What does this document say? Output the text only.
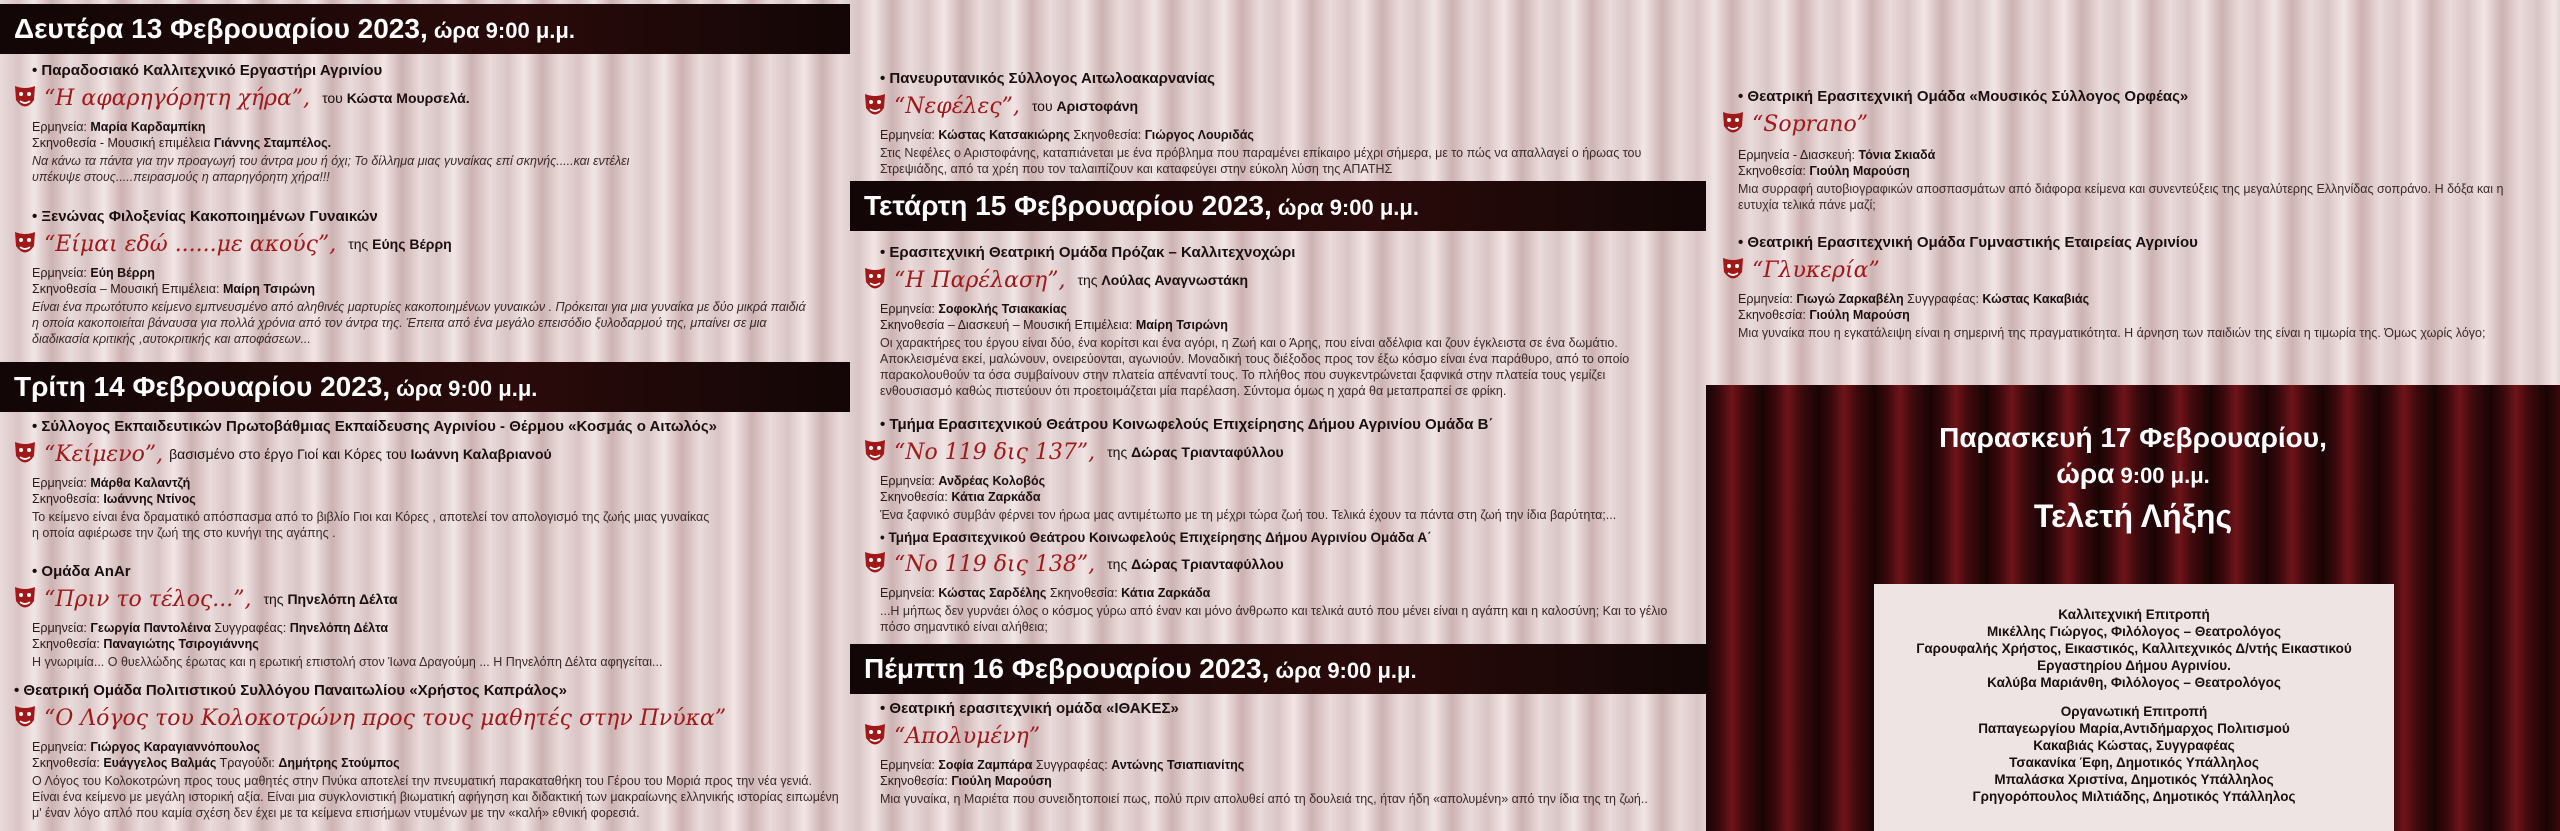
Δευτέρα 13 Φεβρουαρίου 2023, ώρα 9:00 μ.μ.
• Παραδοσιακό Καλλιτεχνικό Εργαστήρι Αγρινίου
“Η αφαρηγόρητη χήρα”, του Κώστα Μουρσελά.
Ερμηνεία: Μαρία Καρδαμπίκη
Σκηνοθεσία - Μουσική επιμέλεια Γιάννης Σταμπέλος.
Να κάνω τα πάντα για την προαγωγή του άντρα μου ή όχι; Το δίλλημα μιας γυναίκας επί σκηνής.....και εντέλει υπέκυψε στους.....πειρασμούς η απαρηγόρητη χήρα!!!
• Ξενώνας Φιλοξενίας Κακοποιημένων Γυναικών
“Είμαι εδώ ......με ακούς”, της Εύης Βέρρη
Ερμηνεία: Εύη Βέρρη
Σκηνοθεσία – Μουσική Επιμέλεια: Μαίρη Τσιρώνη
Είναι ένα πρωτότυπο κείμενο εμπνευσμένο από αληθινές μαρτυρίες κακοποιημένων γυναικών . Πρόκειται για μια γυναίκα με δύο μικρά παιδιά η οποία κακοποιείται βάναυσα για πολλά χρόνια από τον άντρα της. Έπειτα από ένα μεγάλο επεισόδιο ξυλοδαρμού της, μπαίνει σε μια διαδικασία κριτικής ,αυτοκριτικής και αποφάσεων...
Τρίτη 14 Φεβρουαρίου 2023, ώρα 9:00 μ.μ.
• Σύλλογος Εκπαιδευτικών Πρωτοβάθμιας Εκπαίδευσης Αγρινίου - Θέρμου «Κοσμάς ο Αιτωλός»
“Κείμενο”, βασισμένο στο έργο Γιοί και Κόρες του Ιωάννη Καλαβριανού
Ερμηνεία: Μάρθα Καλαντζή
Σκηνοθεσία: Ιωάννης Ντίνος
Το κείμενο είναι ένα δραματικό απόσπασμα από το βιβλίο Γιοι και Κόρες , αποτελεί τον απολογισμό της ζωής μιας γυναίκας η οποία αφιέρωσε την ζωή της στο κυνήγι της αγάπης .
• Ομάδα AnAr
“Πριν το τέλος...”, της Πηνελόπη Δέλτα
Ερμηνεία: Γεωργία Παντολέινα Συγγραφέας: Πηνελόπη Δέλτα
Σκηνοθεσία: Παναγιώτης Τσιρογιάννης
Η γνωριμία... Ο θυελλώδης έρωτας και η ερωτική επιστολή στον Ίωνα Δραγούμη ... Η Πηνελόπη Δέλτα αφηγείται...
• Θεατρική Ομάδα Πολιτιστικού Συλλόγου Παναιτωλίου «Χρήστος Καπράλος»
“Ο Λόγος του Κολοκοτρώνη προς τους μαθητές στην Πνύκα”
Ερμηνεία: Γιώργος Καραγιαννόπουλος
Σκηνοθεσία: Ευάγγελος Βαλμάς Τραγούδι: Δημήτρης Στούμπος
Ο Λόγος του Κολοκοτρώνη προς τους μαθητές στην Πνύκα αποτελεί την πνευματική παρακαταθήκη του Γέρου του Μοριά προς την νέα γενιά. Είναι ένα κείμενο με μεγάλη ιστορική αξία. Είναι μια συγκλονιστική βιωματική αφήγηση και διδακτική των μακραίωνης ελληνικής ιστορίας ειπωμένη μ' έναν λόγο απλό που καμία σχέση δεν έχει με τα κείμενα επισήμων ντυμένων με την «καλή» εθνική φορεσιά.
• Πανευρυτανικός Σύλλογος Αιτωλοακαρνανίας
“Νεφέλες”, του Αριστοφάνη
Ερμηνεία: Κώστας Κατσακιώρης Σκηνοθεσία: Γιώργος Λουριδάς
Στις Νεφέλες ο Αριστοφάνης, καταπιάνεται με ένα πρόβλημα που παραμένει επίκαιρο μέχρι σήμερα, με το πώς να απαλλαγεί ο ήρωας του Στρεψιάδης, από τα χρέη που τον ταλαιπίζουν και καταφεύγει στην εύκολη λύση της ΑΠΑΤΗΣ
Τετάρτη 15 Φεβρουαρίου 2023, ώρα 9:00 μ.μ.
• Ερασιτεχνική Θεατρική Ομάδα Πρόζακ – Καλλιτεχνοχώρι
“Η Παρέλαση”, της Λούλας Αναγνωστάκη
Ερμηνεία: Σοφοκλής Τσιακακίας
Σκηνοθεσία – Διασκευή – Μουσική Επιμέλεια: Μαίρη Τσιρώνη
Οι χαρακτήρες του έργου είναι δύο, ένα κορίτσι και ένα αγόρι, η Ζωή και ο Άρης, που είναι αδέλφια και ζουν έγκλειστα σε ένα δωμάτιο. Αποκλεισμένα εκεί, μαλώνουν, ονειρεύονται, αγωνιούν. Μοναδική τους διέξοδος προς τον έξω κόσμο είναι ένα παράθυρο, από το οποίο παρακολουθούν τα όσα συμβαίνουν στην πλατεία απέναντί τους. Το πλήθος που συγκεντρώνεται ξαφνικά στην πλατεία τους γεμίζει ενθουσιασμό καθώς πιστεύουν ότι προετοιμάζεται μία παρέλαση. Σύντομα όμως η χαρά θα μεταπραπεί σε φρίκη.
• Τμήμα Ερασιτεχνικού Θεάτρου Κοινωφελούς Επιχείρησης Δήμου Αγρινίου Ομάδα Β΄
“Νο 119 δις 137”, της Δώρας Τριανταφύλλου
Ερμηνεία: Ανδρέας Κολοβός
Σκηνοθεσία: Κάτια Ζαρκάδα
Ένα ξαφνικό συμβάν φέρνει τον ήρωα μας αντιμέτωπο με τη μέχρι τώρα ζωή του. Τελικά έχουν τα πάντα στη ζωή την ίδια βαρύτητα;...
• Τμήμα Ερασιτεχνικού Θεάτρου Κοινωφελούς Επιχείρησης Δήμου Αγρινίου Ομάδα Α΄
“Νο 119 δις 138”, της Δώρας Τριανταφύλλου
Ερμηνεία: Κώστας Σαρδέλης Σκηνοθεσία: Κάτια Ζαρκάδα
...Η μήπως δεν γυρνάει όλος ο κόσμος γύρω από έναν και μόνο άνθρωπο και τελικά αυτό που μένει είναι η αγάπη και η καλοσύνη; Και το γέλιο πόσο σημαντικό είναι αλήθεια;
Πέμπτη 16 Φεβρουαρίου 2023, ώρα 9:00 μ.μ.
• Θεατρική ερασιτεχνική ομάδα «ΙΘΑΚΕΣ»
“Απολυμένη”
Ερμηνεία: Σοφία Ζαμπάρα Συγγραφέας: Αντώνης Τσιαπιανίτης
Σκηνοθεσία: Γιούλη Μαρούση
Μια γυναίκα, η Μαριέτα που συνειδητοποιεί πως, πολύ πριν απολυθεί από τη δουλειά της, ήταν ήδη «απολυμένη» από την ίδια της τη ζωή..
• Θεατρική Ερασιτεχνική Ομάδα «Μουσικός Σύλλογος Ορφέας»
“Soprano”
Ερμηνεία - Διασκευή: Τόνια Σκιαδά
Σκηνοθεσία: Γιούλη Μαρούση
Μια συρραφή αυτοβιογραφικών αποσπασμάτων από διάφορα κείμενα και συνεντεύξεις της μεγαλύτερης Ελληνίδας σοπράνο. Η δόξα και η ευτυχία τελικά πάνε μαζί;
• Θεατρική Ερασιτεχνική Ομάδα Γυμναστικής Εταιρείας Αγρινίου
“Γλυκερία”
Ερμηνεία: Γιωγώ Ζαρκαβέλη Συγγραφέας: Κώστας Κακαβιάς
Σκηνοθεσία: Γιούλη Μαρούση
Μια γυναίκα που η εγκατάλειψη είναι η σημερινή της πραγματικότητα. Η άρνηση των παιδιών της είναι η τιμωρία της. Όμως χωρίς λόγο;
Παρασκευή 17 Φεβρουαρίου,
ώρα 9:00 μ.μ.
Τελετή Λήξης
Καλλιτεχνική Επιτροπή
Μικέλλης Γιώργος, Φιλόλογος – Θεατρολόγος
Γαρουφαλής Χρήστος, Εικαστικός, Καλλιτεχνικός Δ/ντής Εικαστικού
Εργαστηρίου Δήμου Αγρινίου.
Καλύβα Μαριάνθη, Φιλόλογος – Θεατρολόγος
Οργανωτική Επιτροπή
Παπαγεωργίου Μαρία,Αντιδήμαρχος Πολιτισμού
Κακαβιάς Κώστας, Συγγραφέας
Τσακανίκα Έφη, Δημοτικός Υπάλληλος
Μπαλάσκα Χριστίνα, Δημοτικός Υπάλληλος
Γρηγορόπουλος Μιλτιάδης, Δημοτικός Υπάλληλος
